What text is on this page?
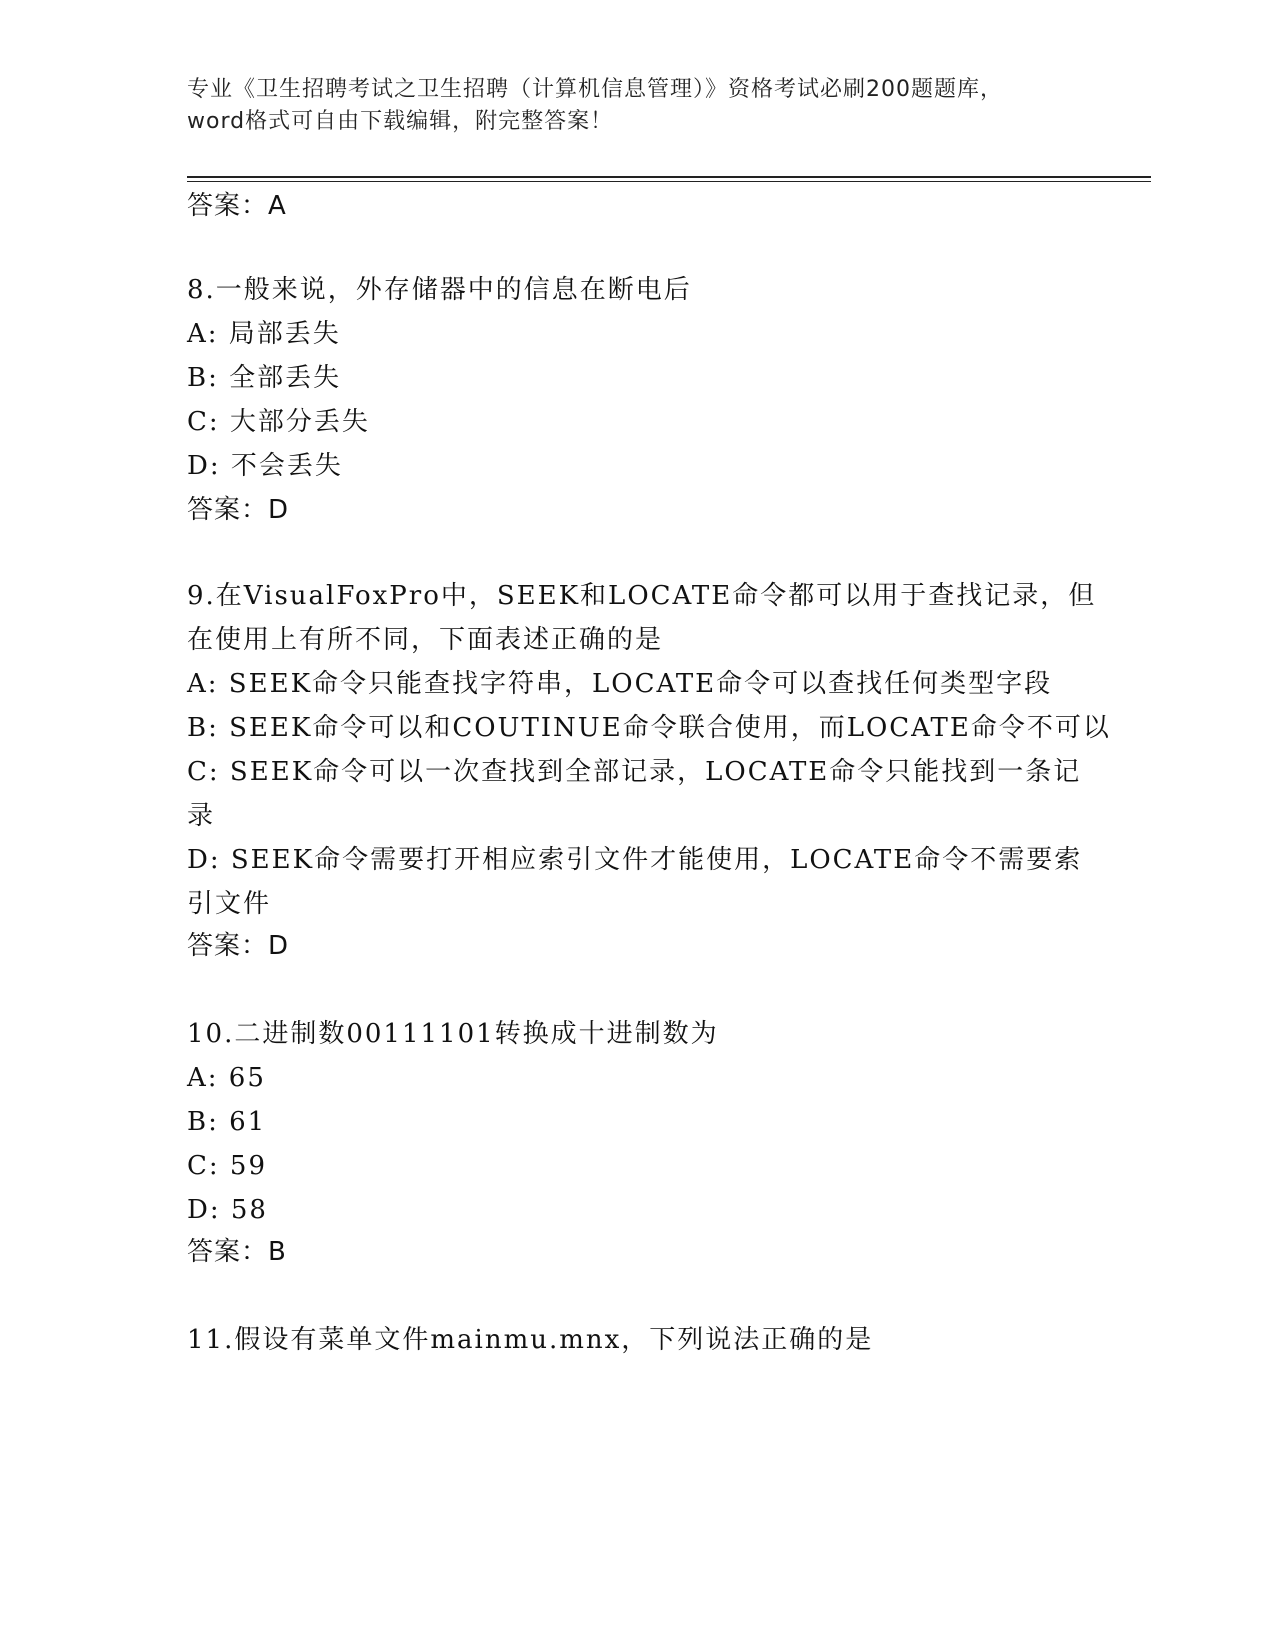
专业《卫生招聘考试之卫生招聘（计算机信息管理）》资格考试必刷200题题库，
word格式可自由下载编辑，附完整答案！
答案：A
8.一般来说，外存储器中的信息在断电后
A: 局部丢失
B: 全部丢失
C: 大部分丢失
D: 不会丢失
答案：D
9.在VisualFoxPro中，SEEK和LOCATE命令都可以用于查找记录，但
在使用上有所不同，下面表述正确的是
A: SEEK命令只能查找字符串，LOCATE命令可以查找任何类型字段
B: SEEK命令可以和COUTINUE命令联合使用，而LOCATE命令不可以
C: SEEK命令可以一次查找到全部记录，LOCATE命令只能找到一条记
录
D: SEEK命令需要打开相应索引文件才能使用，LOCATE命令不需要索
引文件
答案：D
10.二进制数00111101转换成十进制数为
A: 65
B: 61
C: 59
D: 58
答案：B
11.假设有菜单文件mainmu.mnx，下列说法正确的是
